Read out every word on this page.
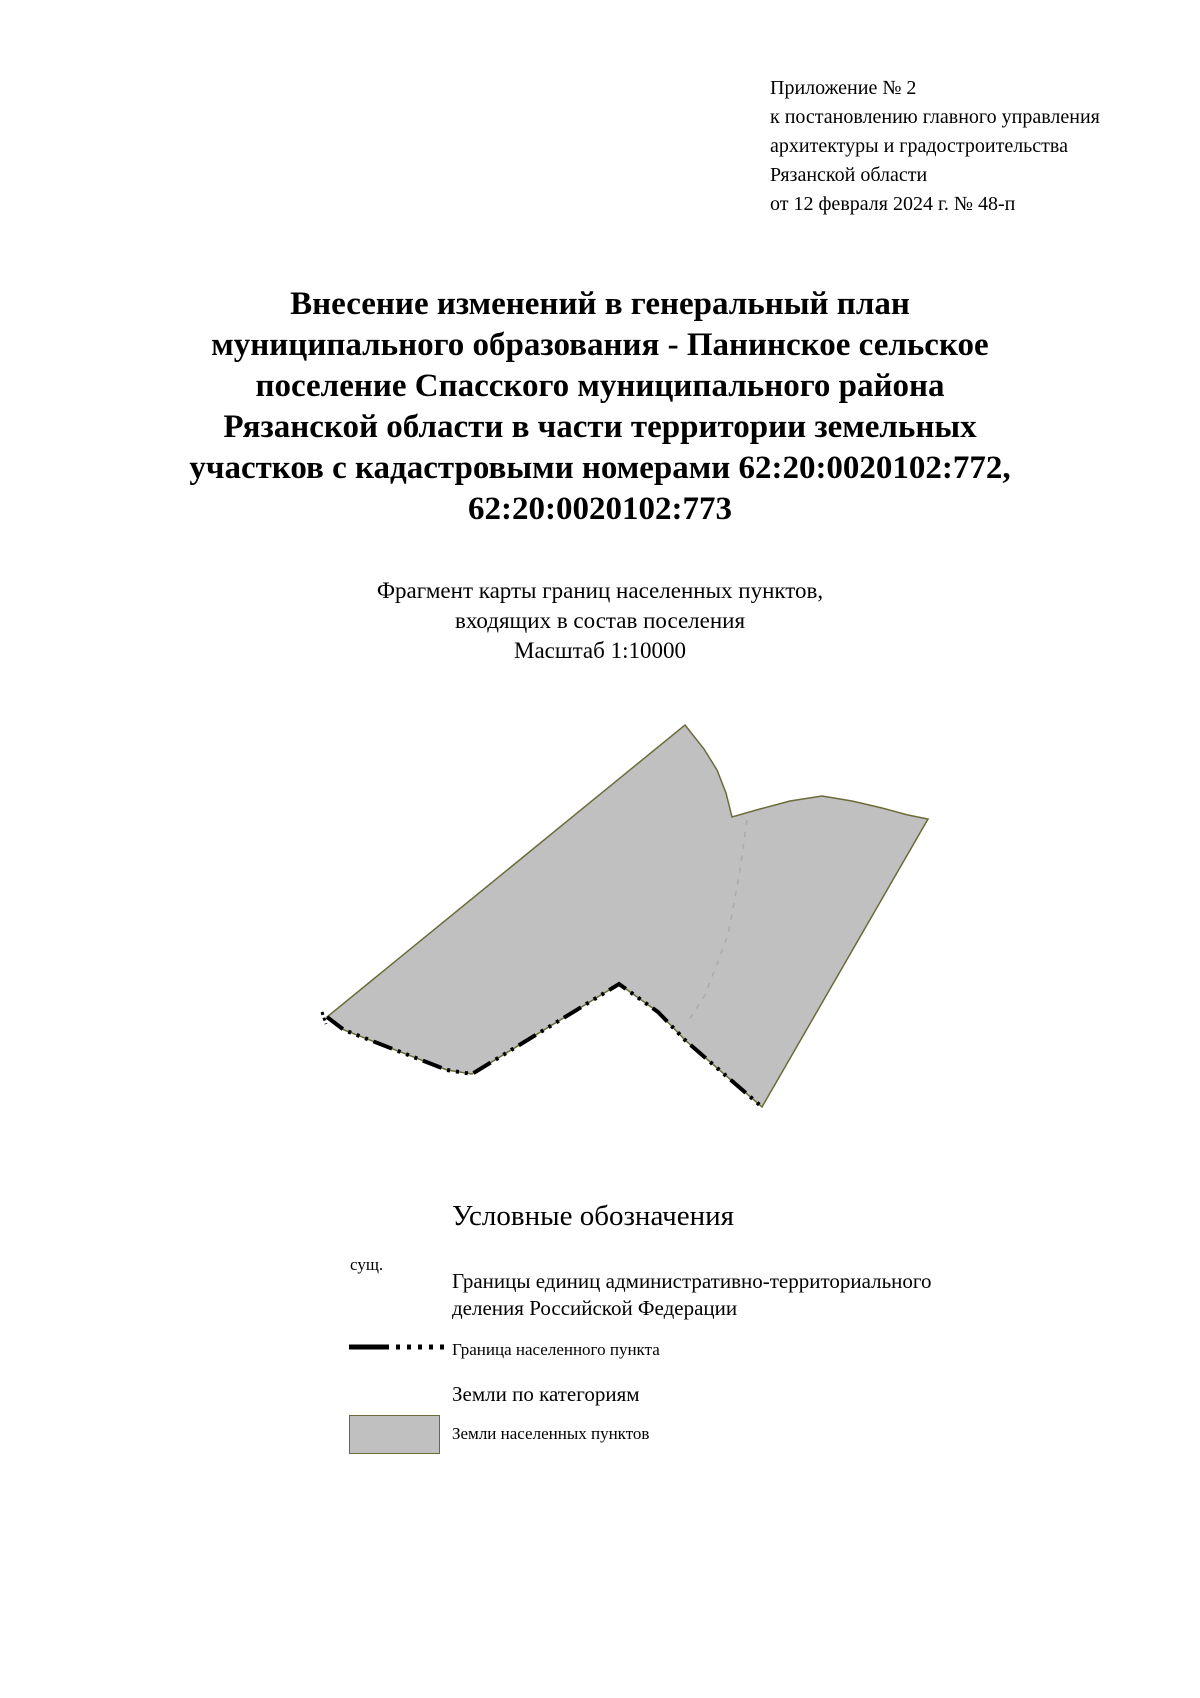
Приложение № 2
к постановлению главного управления
архитектуры и градостроительства
Рязанской области
от 12 февраля 2024 г. № 48-п
Внесение изменений в генеральный план
муниципального образования - Панинское сельское
поселение Спасского муниципального района
Рязанской области в части территории земельных
участков с кадастровыми номерами 62:20:0020102:772,
62:20:0020102:773
Фрагмент карты границ населенных пунктов,
входящих в состав поселения
Масштаб 1:10000
Условные обозначения
сущ.
Границы единиц административно-территориального
деления Российской Федерации
Граница населенного пункта
Земли по категориям
Земли населенных пунктов
